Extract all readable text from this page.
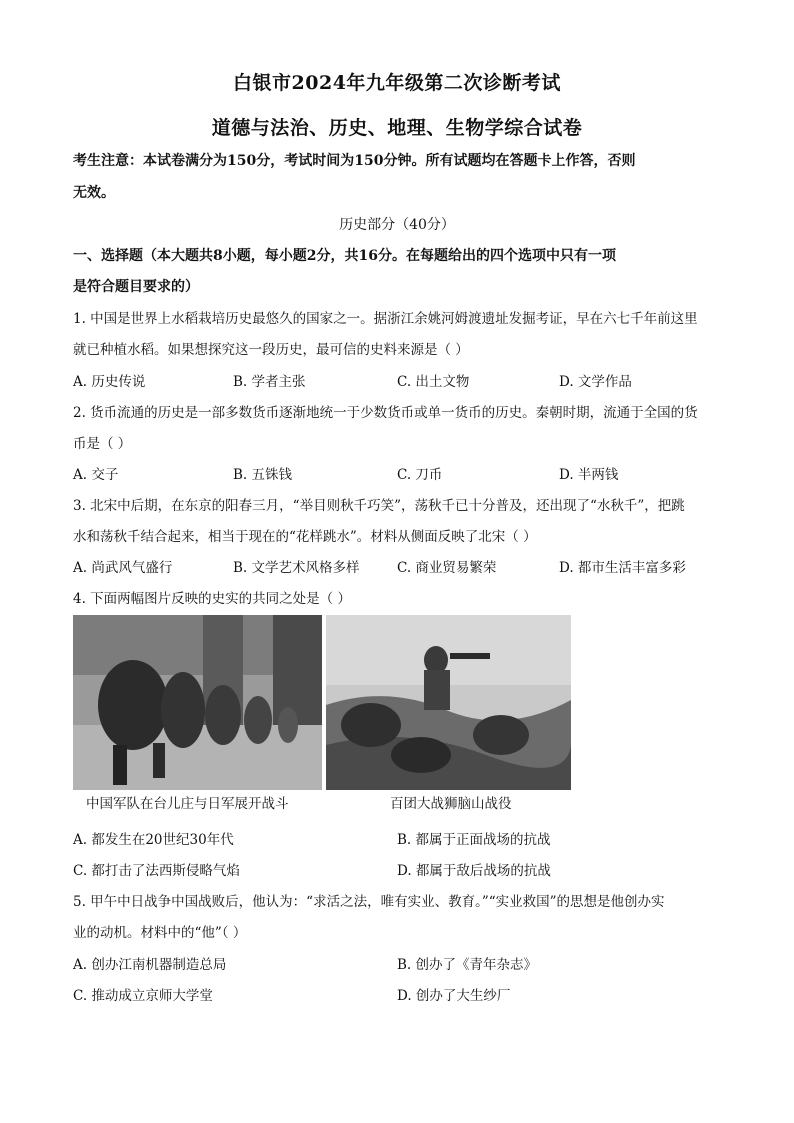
白银市2024年九年级第二次诊断考试
道德与法治、历史、地理、生物学综合试卷
考生注意：本试卷满分为150分，考试时间为150分钟。所有试题均在答题卡上作答，否则
无效。
历史部分（40分）
一、选择题（本大题共8小题，每小题2分，共16分。在每题给出的四个选项中只有一项
是符合题目要求的）
1. 中国是世界上水稻栽培历史最悠久的国家之一。据浙江余姚河姆渡遗址发掘考证，早在六七千年前这里
就已种植水稻。如果想探究这一段历史，最可信的史料来源是（ ）
A. 历史传说	B. 学者主张	C. 出土文物	D. 文学作品
2. 货币流通的历史是一部多数货币逐渐地统一于少数货币或单一货币的历史。秦朝时期，流通于全国的货
币是（ ）
A. 交子	B. 五铢钱	C. 刀币	D. 半两钱
3. 北宋中后期，在东京的阳春三月，“举目则秋千巧笑”，荡秋千已十分普及，还出现了“水秋千”，把跳
水和荡秋千结合起来，相当于现在的“花样跳水”。材料从侧面反映了北宋（ ）
A. 尚武风气盛行	B. 文学艺术风格多样	C. 商业贸易繁荣	D. 都市生活丰富多彩
4. 下面两幅图片反映的史实的共同之处是（ ）
中国军队在台儿庄与日军展开战斗	百团大战狮脑山战役
A. 都发生在20世纪30年代	B. 都属于正面战场的抗战
C. 都打击了法西斯侵略气焰	D. 都属于敌后战场的抗战
5. 甲午中日战争中国战败后，他认为：“求活之法，唯有实业、教育。”“实业救国”的思想是他创办实
业的动机。材料中的“他”（ ）
A. 创办江南机器制造总局	B. 创办了《青年杂志》
C. 推动成立京师大学堂	D. 创办了大生纱厂
